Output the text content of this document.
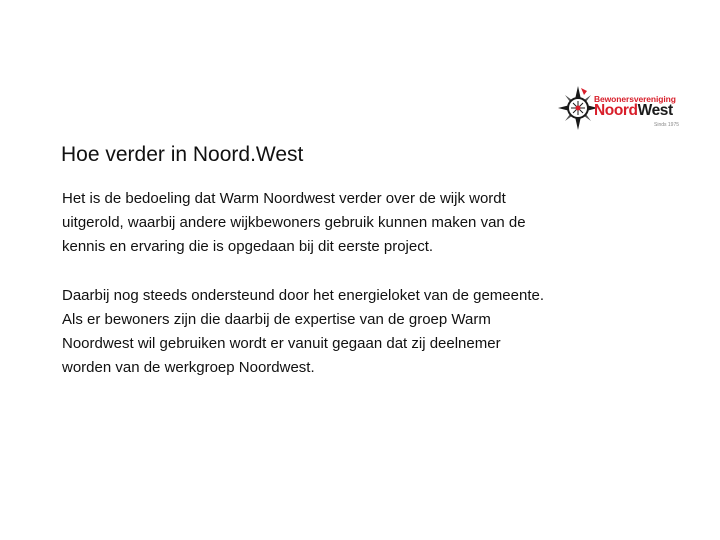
Bewonersvereniging
NoordWest
Sinds 1975
Hoe verder in Noord.West

Het is de bedoeling dat Warm Noordwest verder over de wijk wordt
uitgerold, waarbij andere wijkbewoners gebruik kunnen maken van de
kennis en ervaring die is opgedaan bij dit eerste project.

Daarbij nog steeds ondersteund door het energieloket van de gemeente.
Als er bewoners zijn die daarbij de expertise van de groep Warm
Noordwest wil gebruiken wordt er vanuit gegaan dat zij deelnemer
worden van de werkgroep Noordwest.
